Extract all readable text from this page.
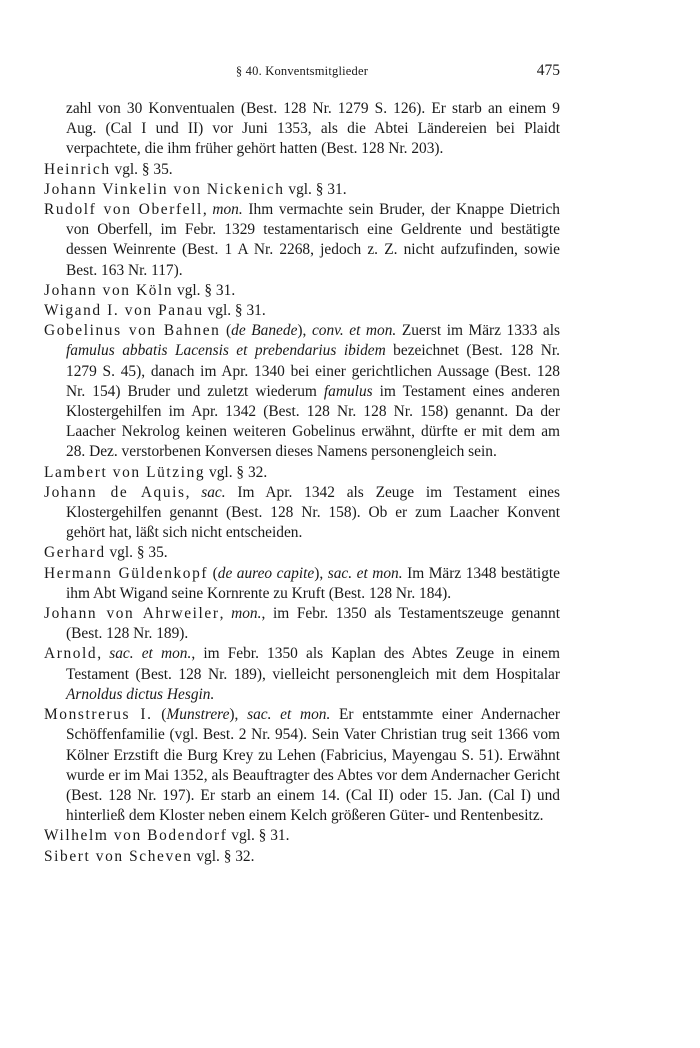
§ 40. Konventsmitglieder	475

zahl von 30 Konventualen (Best. 128 Nr. 1279 S. 126). Er starb an einem 9 Aug. (Cal I und II) vor Juni 1353, als die Abtei Ländereien bei Plaidt verpachtete, die ihm früher gehört hatten (Best. 128 Nr. 203).

Heinrich vgl. § 35.

Johann Vinkelin von Nickenich vgl. § 31.

Rudolf von Oberfell, mon. Ihm vermachte sein Bruder, der Knappe Dietrich von Oberfell, im Febr. 1329 testamentarisch eine Geldrente und bestätigte dessen Weinrente (Best. 1 A Nr. 2268, jedoch z. Z. nicht aufzufinden, sowie Best. 163 Nr. 117).

Johann von Köln vgl. § 31.

Wigand I. von Panau vgl. § 31.

Gobelinus von Bahnen (de Banede), conv. et mon. Zuerst im März 1333 als famulus abbatis Lacensis et prebendarius ibidem bezeichnet (Best. 128 Nr. 1279 S. 45), danach im Apr. 1340 bei einer gerichtlichen Aussage (Best. 128 Nr. 154) Bruder und zuletzt wiederum famulus im Testament eines anderen Klostergehilfen im Apr. 1342 (Best. 128 Nr. 128 Nr. 158) genannt. Da der Laacher Nekrolog keinen weiteren Gobelinus erwähnt, dürfte er mit dem am 28. Dez. verstorbenen Konversen dieses Namens personengleich sein.

Lambert von Lützing vgl. § 32.

Johann de Aquis, sac. Im Apr. 1342 als Zeuge im Testament eines Klostergehilfen genannt (Best. 128 Nr. 158). Ob er zum Laacher Konvent gehört hat, läßt sich nicht entscheiden.

Gerhard vgl. § 35.

Hermann Güldenkopf (de aureo capite), sac. et mon. Im März 1348 bestätigte ihm Abt Wigand seine Kornrente zu Kruft (Best. 128 Nr. 184).

Johann von Ahrweiler, mon., im Febr. 1350 als Testamentszeuge genannt (Best. 128 Nr. 189).

Arnold, sac. et mon., im Febr. 1350 als Kaplan des Abtes Zeuge in einem Testament (Best. 128 Nr. 189), vielleicht personengleich mit dem Hospitalar Arnoldus dictus Hesgin.

Monstrerus I. (Munstrere), sac. et mon. Er entstammte einer Andernacher Schöffenfamilie (vgl. Best. 2 Nr. 954). Sein Vater Christian trug seit 1366 vom Kölner Erzstift die Burg Krey zu Lehen (Fabricius, Mayengau S. 51). Erwähnt wurde er im Mai 1352, als Beauftragter des Abtes vor dem Andernacher Gericht (Best. 128 Nr. 197). Er starb an einem 14. (Cal II) oder 15. Jan. (Cal I) und hinterließ dem Kloster neben einem Kelch größeren Güter- und Rentenbesitz.

Wilhelm von Bodendorf vgl. § 31.

Sibert von Scheven vgl. § 32.
